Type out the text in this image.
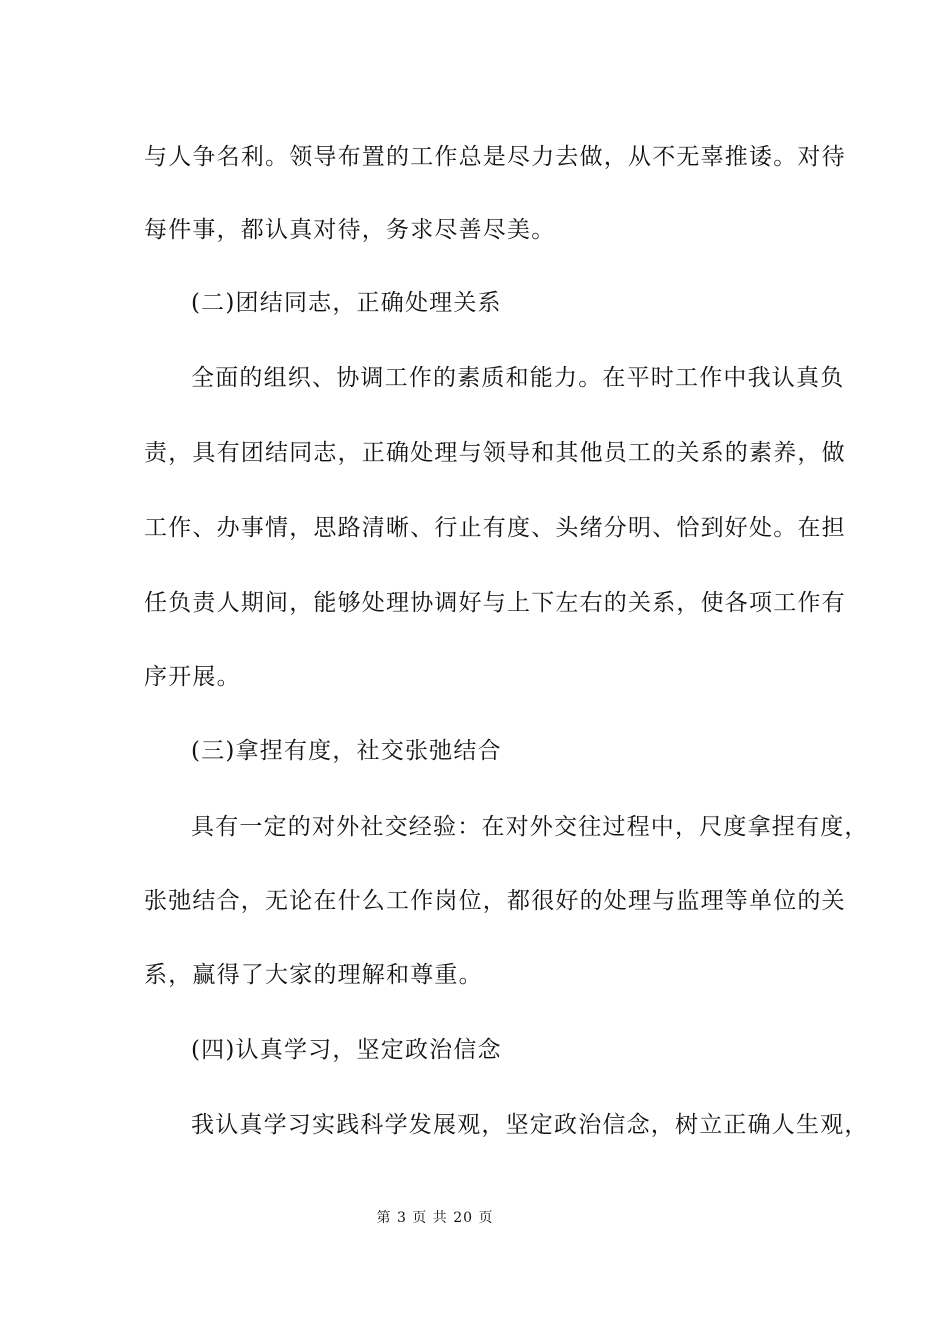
与人争名利。领导布置的工作总是尽力去做，从不无辜推诿。对待
每件事，都认真对待，务求尽善尽美。
(二)团结同志，正确处理关系
全面的组织、协调工作的素质和能力。在平时工作中我认真负
责，具有团结同志，正确处理与领导和其他员工的关系的素养，做
工作、办事情，思路清晰、行止有度、头绪分明、恰到好处。在担
任负责人期间，能够处理协调好与上下左右的关系，使各项工作有
序开展。
(三)拿捏有度，社交张弛结合
具有一定的对外社交经验：在对外交往过程中，尺度拿捏有度，
张弛结合，无论在什么工作岗位，都很好的处理与监理等单位的关
系，赢得了大家的理解和尊重。
(四)认真学习，坚定政治信念
我认真学习实践科学发展观，坚定政治信念，树立正确人生观，
第 3 页 共 20 页
